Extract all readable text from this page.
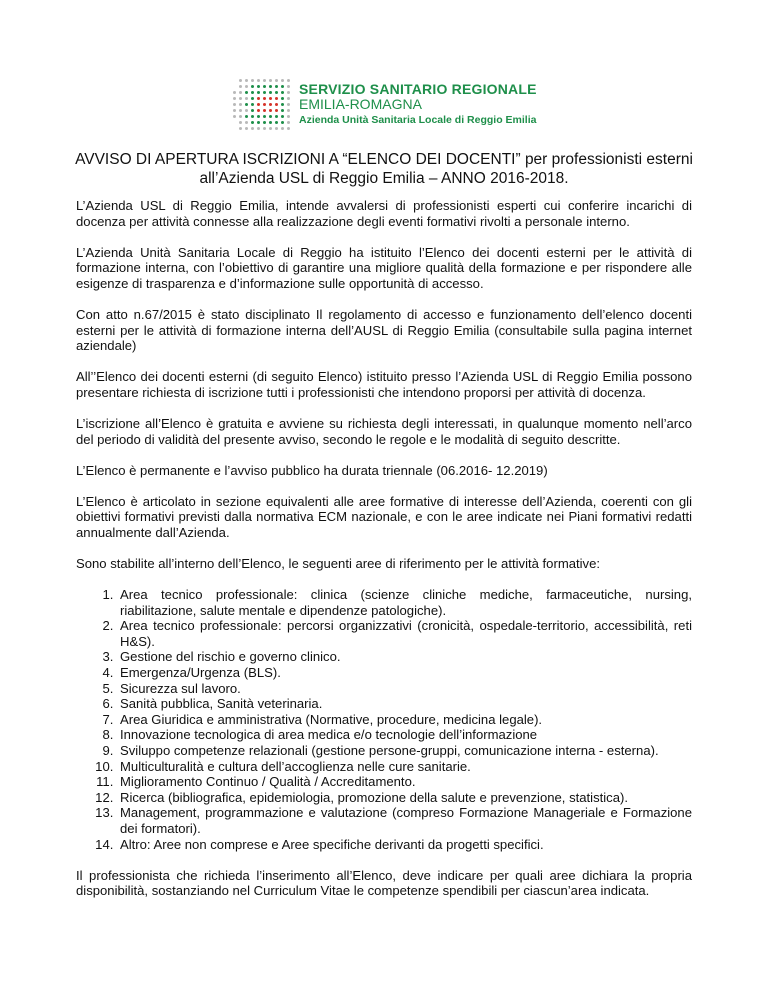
SERVIZIO SANITARIO REGIONALE
EMILIA-ROMAGNA
Azienda Unità Sanitaria Locale di Reggio Emilia
AVVISO DI APERTURA ISCRIZIONI A “ELENCO DEI DOCENTI” per professionisti esterni all’Azienda USL di Reggio Emilia – ANNO 2016-2018.

L’Azienda USL di Reggio Emilia, intende avvalersi di professionisti esperti cui conferire incarichi di docenza per attività connesse alla realizzazione degli eventi formativi rivolti a personale interno.

L’Azienda Unità Sanitaria Locale di Reggio ha istituito l’Elenco dei docenti esterni per le attività di formazione interna, con l’obiettivo di garantire una migliore qualità della formazione e per rispondere alle esigenze di trasparenza e d’informazione sulle opportunità di accesso.

Con atto n.67/2015 è stato disciplinato Il regolamento di accesso e funzionamento dell’elenco docenti esterni per le attività di formazione interna dell’AUSL di Reggio Emilia (consultabile sulla pagina internet aziendale)

All’’Elenco dei docenti esterni (di seguito Elenco) istituito presso l’Azienda USL di Reggio Emilia possono presentare richiesta di iscrizione tutti i professionisti che intendono proporsi per attività di docenza.

L’iscrizione all’Elenco è gratuita e avviene su richiesta degli interessati, in qualunque momento nell’arco del periodo di validità del presente avviso, secondo le regole e le modalità di seguito descritte.

L’Elenco è permanente e l’avviso pubblico ha durata triennale (06.2016- 12.2019)

L’Elenco è articolato in sezione equivalenti alle aree formative di interesse dell’Azienda, coerenti con gli obiettivi formativi previsti dalla normativa ECM nazionale, e con le aree indicate nei Piani formativi redatti annualmente dall’Azienda.

Sono stabilite all’interno dell’Elenco, le seguenti aree di riferimento per le attività formative:

1. Area tecnico professionale: clinica (scienze cliniche mediche, farmaceutiche, nursing, riabilitazione, salute mentale e dipendenze patologiche).
2. Area tecnico professionale: percorsi organizzativi (cronicità, ospedale-territorio, accessibilità, reti H&S).
3. Gestione del rischio e governo clinico.
4. Emergenza/Urgenza (BLS).
5. Sicurezza sul lavoro.
6. Sanità pubblica, Sanità veterinaria.
7. Area Giuridica e amministrativa (Normative, procedure, medicina legale).
8. Innovazione tecnologica di area medica e/o tecnologie dell’informazione
9. Sviluppo competenze relazionali (gestione persone-gruppi, comunicazione interna - esterna).
10. Multiculturalità e cultura dell’accoglienza nelle cure sanitarie.
11. Miglioramento Continuo / Qualità / Accreditamento.
12. Ricerca (bibliografica, epidemiologia, promozione della salute e prevenzione, statistica).
13. Management, programmazione e valutazione (compreso Formazione Manageriale e Formazione dei formatori).
14. Altro: Aree non comprese e Aree specifiche derivanti da progetti specifici.

Il professionista che richieda l’inserimento all’Elenco, deve indicare per quali aree dichiara la propria disponibilità, sostanziando nel Curriculum Vitae le competenze spendibili per ciascun’area indicata.
